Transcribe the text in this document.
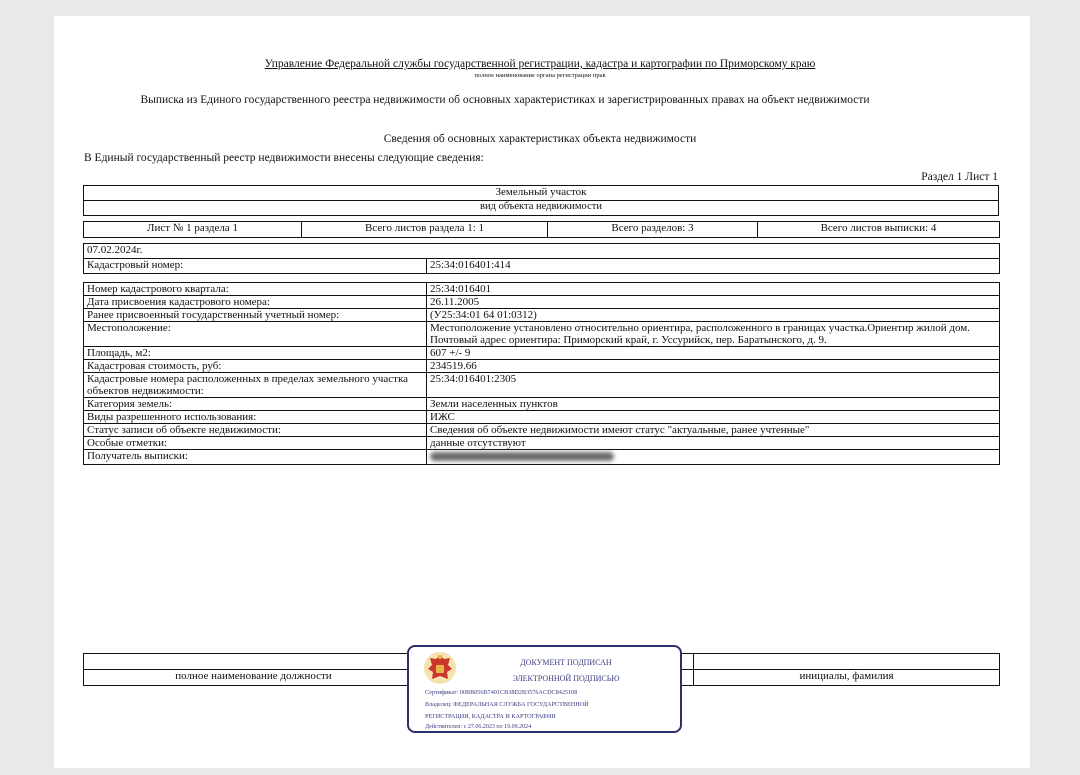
Управление Федеральной службы государственной регистрации, кадастра и картографии по Приморскому краю
полное наименование органа регистрации прав
Выписка из Единого государственного реестра недвижимости об основных характеристиках и зарегистрированных правах на объект недвижимости
Сведения об основных характеристиках объекта недвижимости
В Единый государственный реестр недвижимости внесены следующие сведения:
Раздел 1 Лист 1
Земельный участок
вид объекта недвижимости
Лист № 1 раздела 1	Всего листов раздела 1: 1	Всего разделов: 3	Всего листов выписки: 4
07.02.2024г.
Кадастровый номер:	25:34:016401:414
Номер кадастрового квартала:	25:34:016401
Дата присвоения кадастрового номера:	26.11.2005
Ранее присвоенный государственный учетный номер:	(У25:34:01 64 01:0312)
Местоположение:	Местоположение установлено относительно ориентира, расположенного в границах участка.Ориентир жилой дом. Почтовый адрес ориентира: Приморский край, г. Уссурийск, пер. Баратынского, д. 9.
Площадь, м2:	607 +/- 9
Кадастровая стоимость, руб:	234519.66
Кадастровые номера расположенных в пределах земельного участка объектов недвижимости:	25:34:016401:2305
Категория земель:	Земли населенных пунктов
Виды разрешенного использования:	ИЖС
Статус записи об объекте недвижимости:	Сведения об объекте недвижимости имеют статус "актуальные, ранее учтенные"
Особые отметки:	данные отсутствуют
Получатель выписки:	

полное наименование должности		инициалы, фамилия
ДОКУМЕНТ ПОДПИСАН
ЭЛЕКТРОННОЙ ПОДПИСЬЮ
Сертификат: 00BB056B7401CB38D2B3576ACDC8425108
Владелец: ФЕДЕРАЛЬНАЯ СЛУЖБА ГОСУДАРСТВЕННОЙ
РЕГИСТРАЦИИ, КАДАСТРА И КАРТОГРАФИИ
Действителен: с 27.06.2023 по 19.09.2024
